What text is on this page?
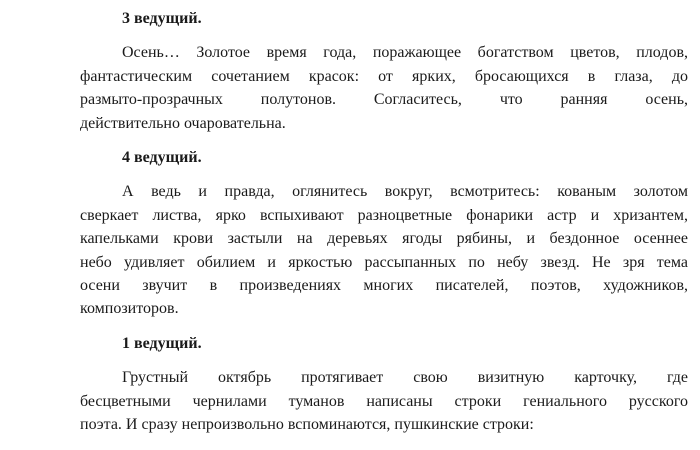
3 ведущий.
Осень… Золотое время года, поражающее богатством цветов, плодов,
фантастическим сочетанием красок: от ярких, бросающихся в глаза, до
размыто-прозрачных полутонов. Согласитесь, что ранняя осень,
действительно очаровательна.
4 ведущий.
А ведь и правда, оглянитесь вокруг, всмотритесь: кованым золотом
сверкает листва, ярко вспыхивают разноцветные фонарики астр и хризантем,
капельками крови застыли на деревьях ягоды рябины, и бездонное осеннее
небо удивляет обилием и яркостью рассыпанных по небу звезд. Не зря тема
осени звучит в произведениях многих писателей, поэтов, художников,
композиторов.
1 ведущий.
Грустный октябрь протягивает свою визитную карточку, где
бесцветными чернилами туманов написаны строки гениального русского
поэта. И сразу непроизвольно вспоминаются, пушкинские строки:
